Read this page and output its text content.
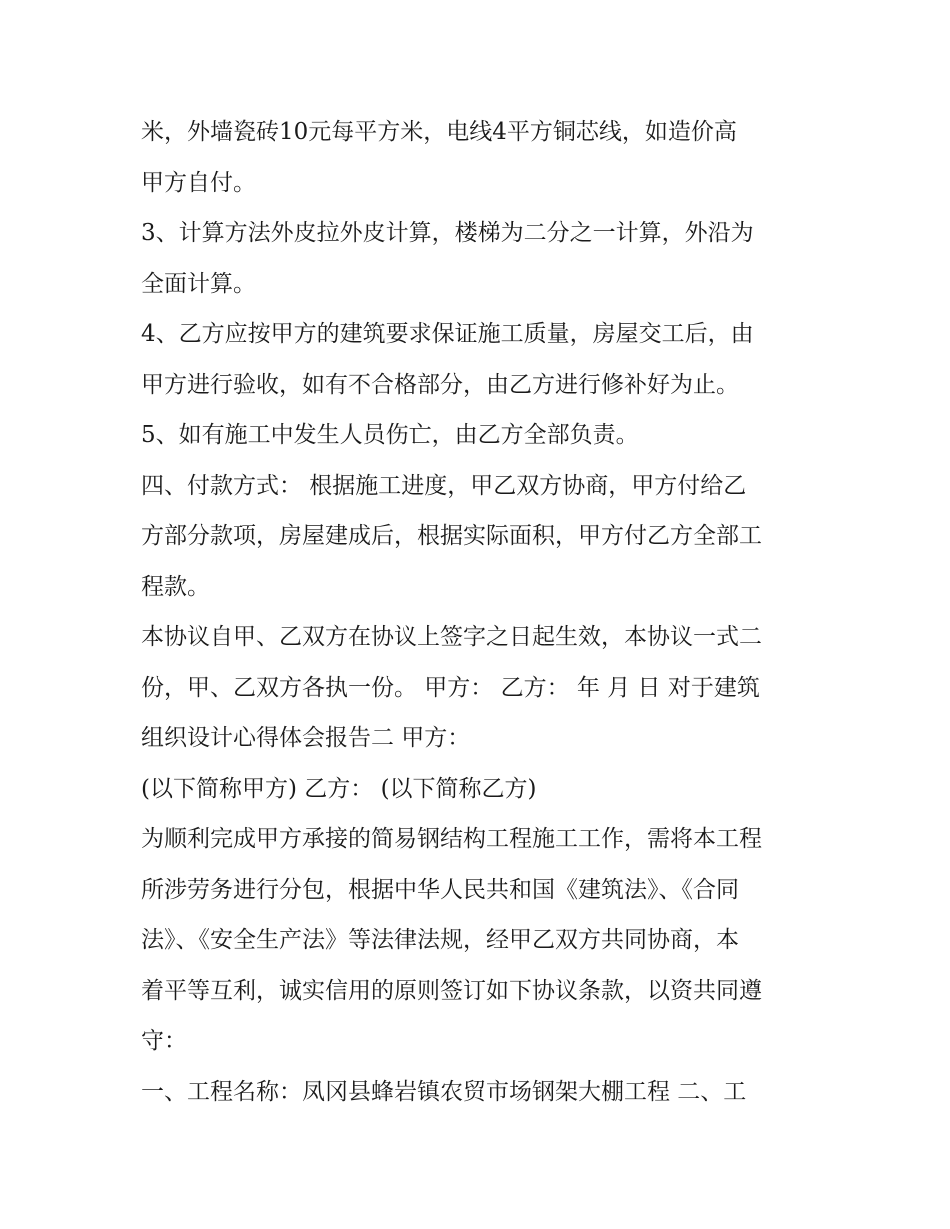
米，外墙瓷砖10元每平方米，电线4平方铜芯线，如造价高
甲方自付。
3、计算方法外皮拉外皮计算，楼梯为二分之一计算，外沿为
全面计算。
4、乙方应按甲方的建筑要求保证施工质量，房屋交工后，由
甲方进行验收，如有不合格部分，由乙方进行修补好为止。
5、如有施工中发生人员伤亡，由乙方全部负责。
四、付款方式： 根据施工进度，甲乙双方协商，甲方付给乙
方部分款项，房屋建成后，根据实际面积，甲方付乙方全部工
程款。
本协议自甲、乙双方在协议上签字之日起生效，本协议一式二
份，甲、乙双方各执一份。 甲方： 乙方： 年 月 日 对于建筑
组织设计心得体会报告二 甲方：
(以下简称甲方) 乙方： (以下简称乙方)
为顺利完成甲方承接的简易钢结构工程施工工作，需将本工程
所涉劳务进行分包，根据中华人民共和国《建筑法》、《合同
法》、《安全生产法》等法律法规，经甲乙双方共同协商，本
着平等互利，诚实信用的原则签订如下协议条款，以资共同遵
守：
一、工程名称：凤冈县蜂岩镇农贸市场钢架大棚工程 二、工
